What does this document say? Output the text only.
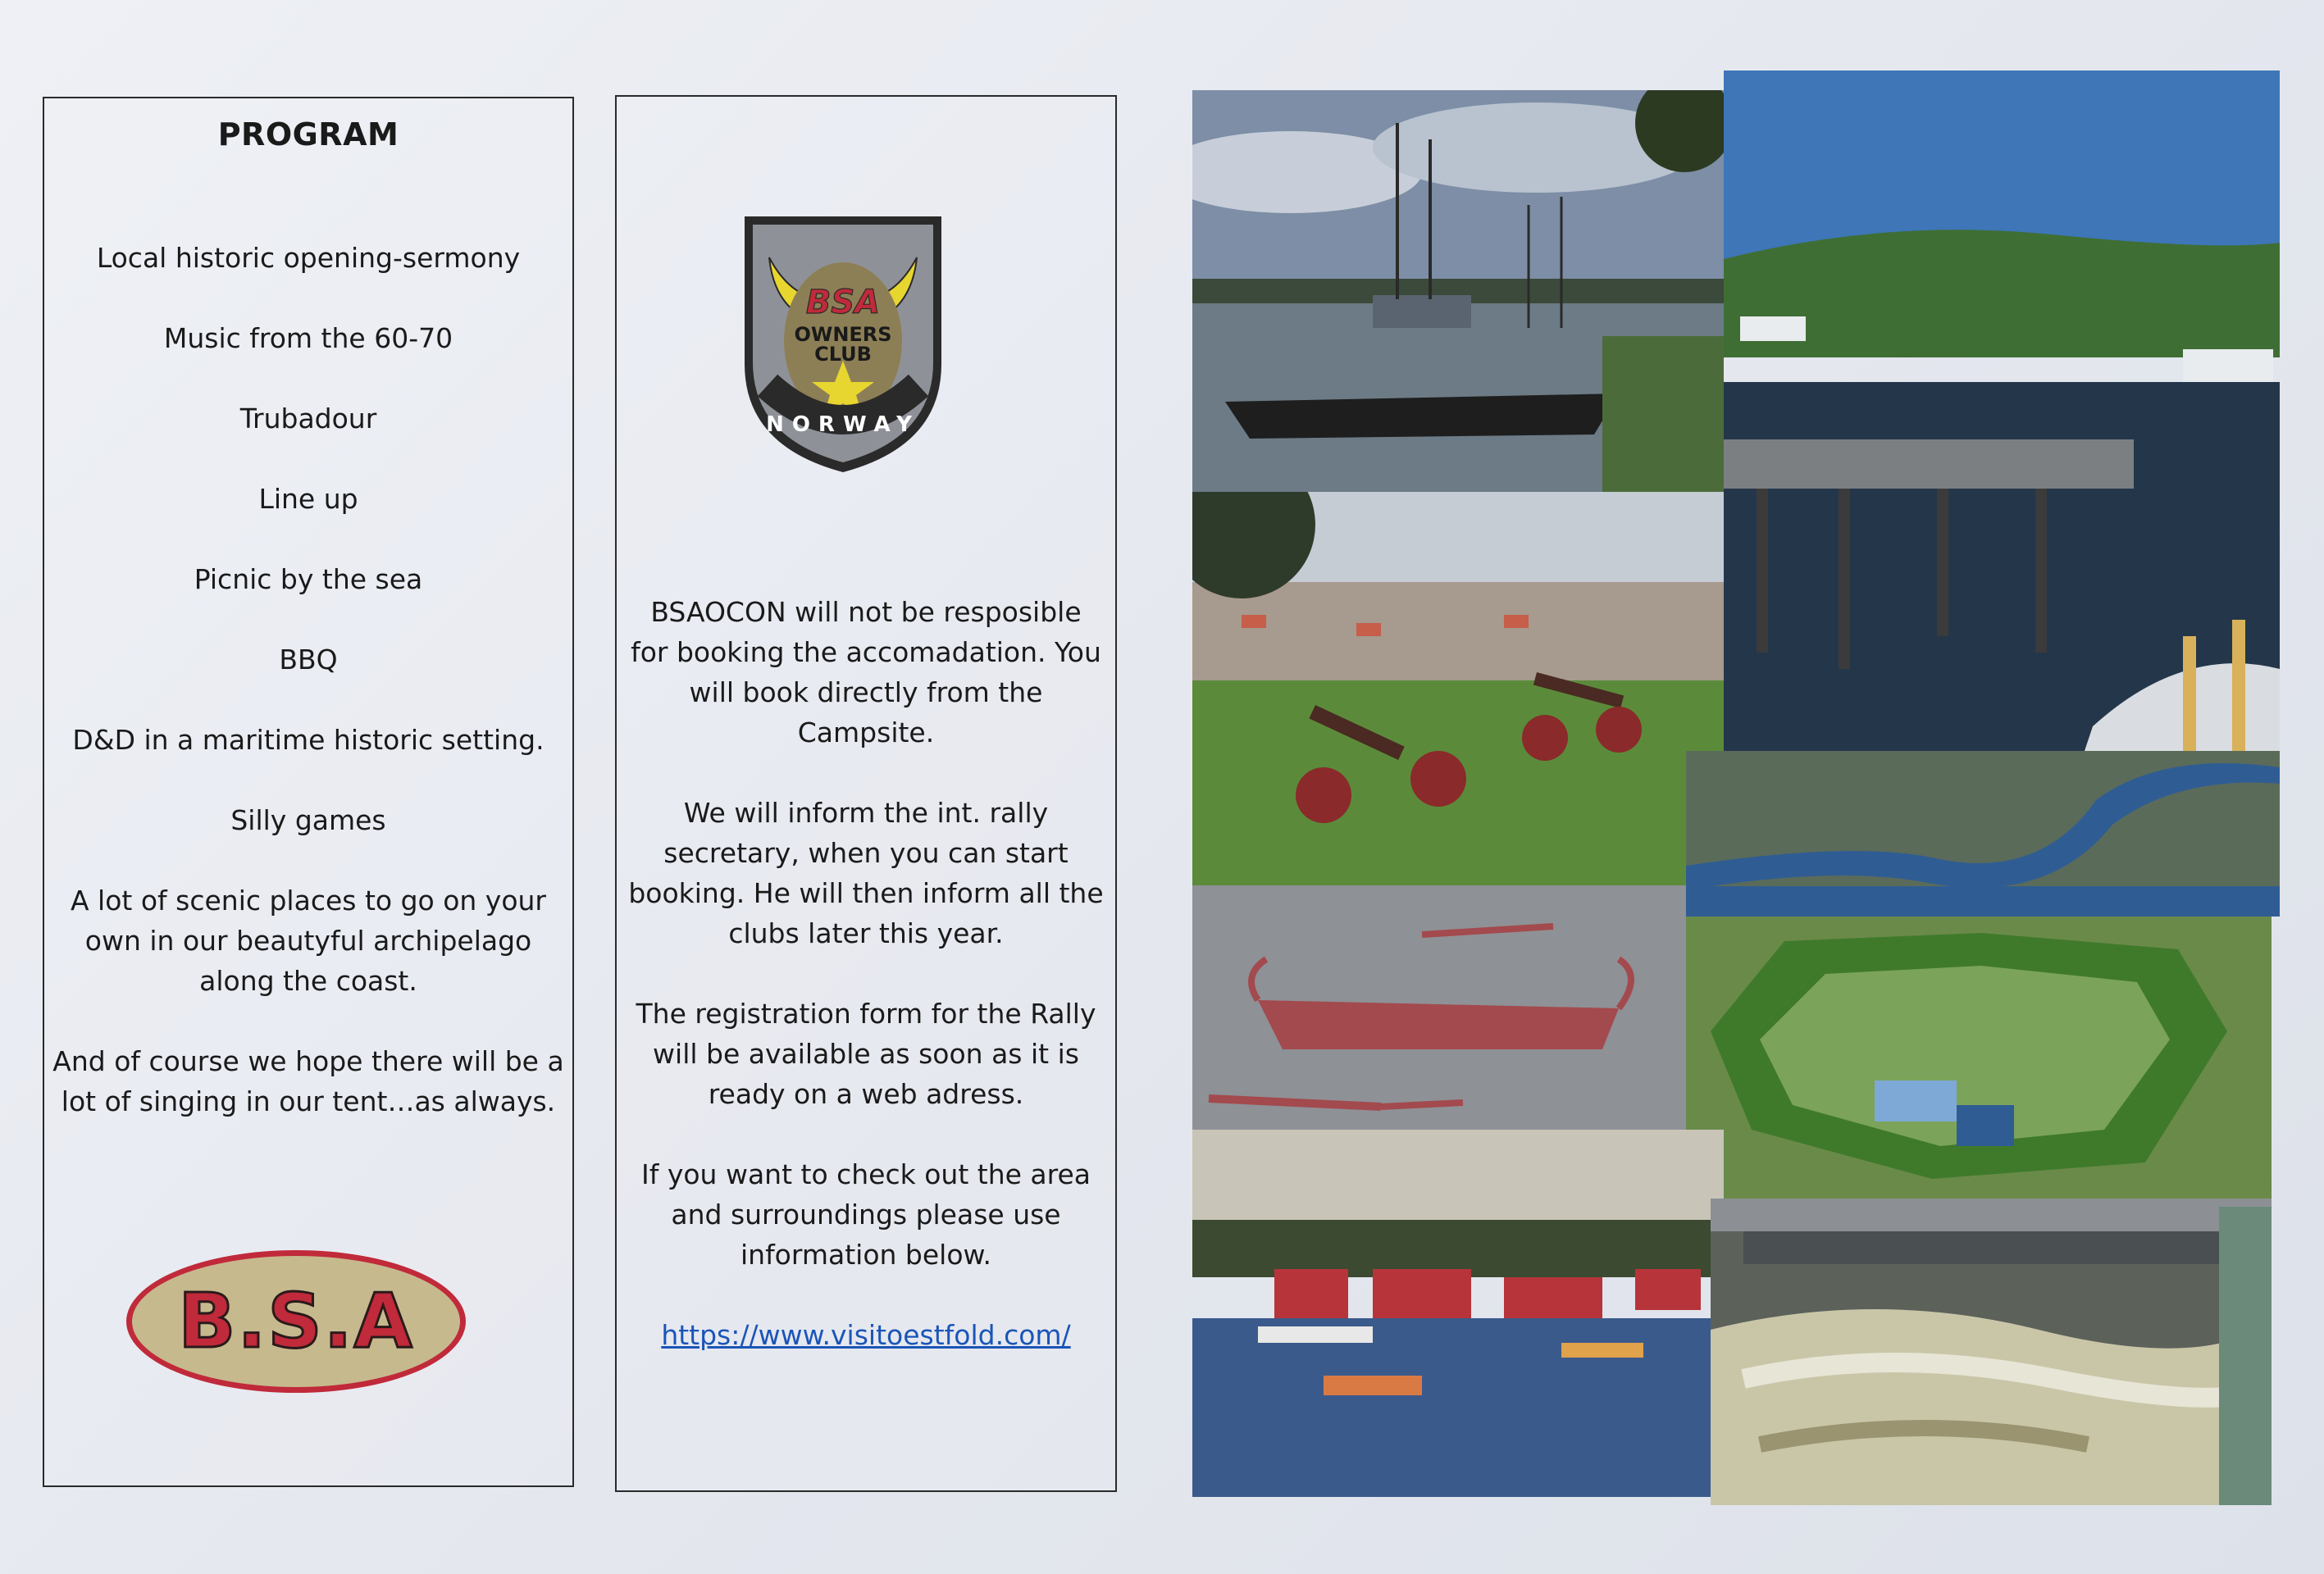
PROGRAM
Local historic opening-sermony
Music from the 60-70
Trubadour
Line up
Picnic by the sea
BBQ
D&D in a maritime historic setting.
Silly games
A lot of scenic places to go on your own in our beautyful archipelago along the coast.
And of course we hope there will be a lot of singing in our tent…as always.
B.S.A
BSA
OWNERS
CLUB
NORWAY

BSAOCON will not be resposible for booking the accomadation. You will book directly from the Campsite.

We will inform the int. rally secretary, when you can start booking. He will then inform all the clubs later this year.

The registration form for the Rally will be available as soon as it is ready on a web adress.

If you want to check out the area and surroundings please use information below.

https://www.visitoestfold.com/
